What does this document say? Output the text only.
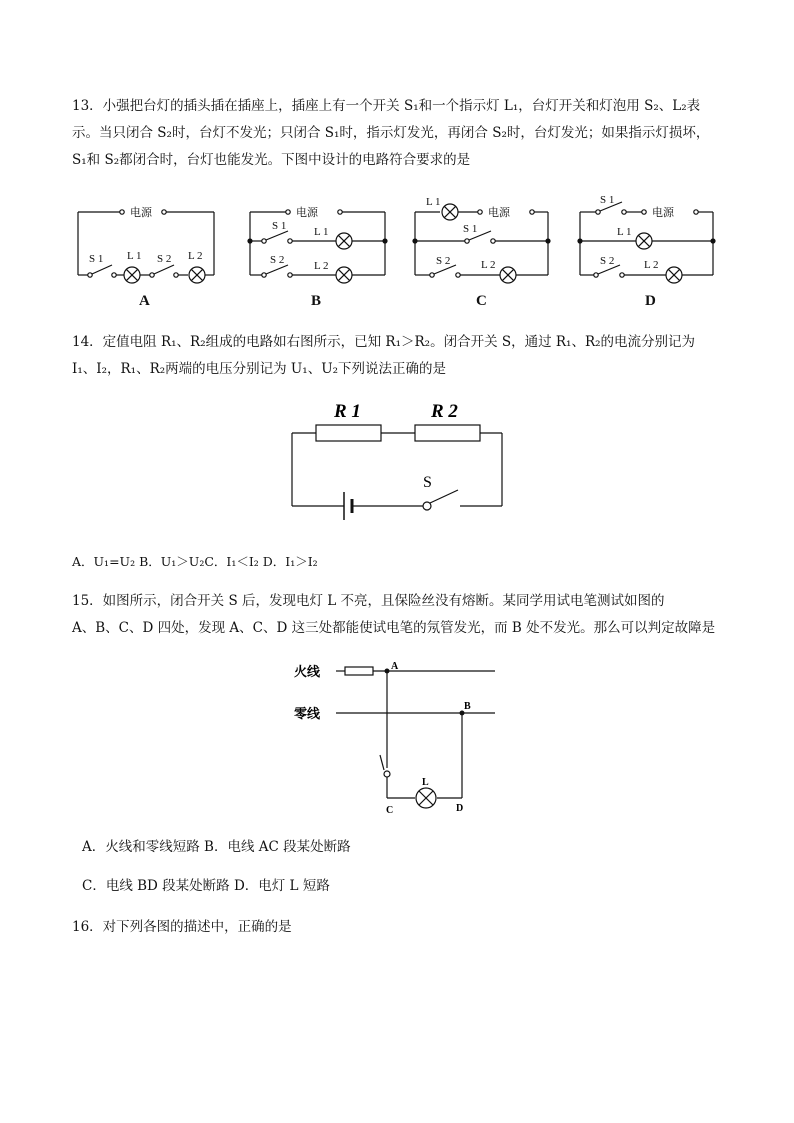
13．小强把台灯的插头插在插座上，插座上有一个开关 S₁和一个指示灯 L₁，台灯开关和灯泡用 S₂、L₂表
示。当只闭合 S₂时，台灯不发光；只闭合 S₁时，指示灯发光，再闭合 S₂时，台灯发光；如果指示灯损坏，
S₁和 S₂都闭合时，台灯也能发光。下图中设计的电路符合要求的是
电源
S 1 L 1 S 2 L 2
A
电源
S 1	L 1
S 2	L 2
B
电源
L 1
S 1
S 2	L 2
C
S 1
电源
L 1
S 2	L 2
D
14．定值电阻 R₁、R₂组成的电路如右图所示，已知 R₁＞R₂。闭合开关 S，通过 R₁、R₂的电流分别记为
I₁、I₂，R₁、R₂两端的电压分别记为 U₁、U₂下列说法正确的是
R 1	R 2
S
A．U₁=U₂ B．U₁＞U₂C．I₁＜I₂ D．I₁＞I₂
15．如图所示，闭合开关 S 后，发现电灯 L 不亮，且保险丝没有熔断。某同学用试电笔测试如图的
A、B、C、D 四处，发现 A、C、D 这三处都能使试电笔的氖管发光，而 B 处不发光。那么可以判定故障是
火线
零线
A
B
C	D
L
A．火线和零线短路 B．电线 AC 段某处断路
C．电线 BD 段某处断路 D．电灯 L 短路
16．对下列各图的描述中，正确的是
